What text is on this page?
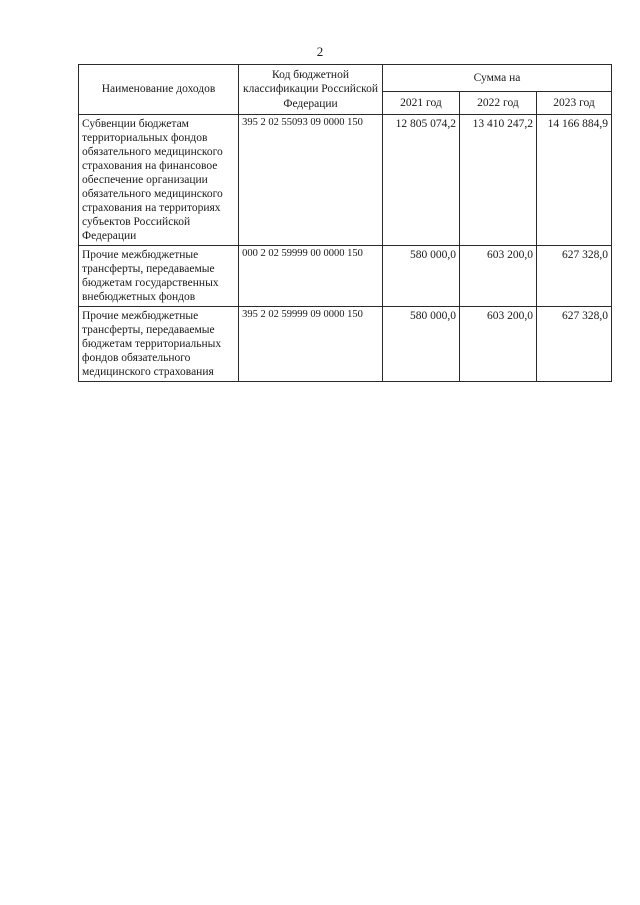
2
Наименование доходов	Код бюджетной классификации Российской Федерации	Сумма на		
		2021 год	2022 год	2023 год
Субвенции бюджетам территориальных фондов обязательного медицинского страхования на финансовое обеспечение организации обязательного медицинского страхования на территориях субъектов Российской Федерации	395 2 02 55093 09 0000 150	12 805 074,2	13 410 247,2	14 166 884,9
Прочие межбюджетные трансферты, передаваемые бюджетам государственных внебюджетных фондов	000 2 02 59999 00 0000 150	580 000,0	603 200,0	627 328,0
Прочие межбюджетные трансферты, передаваемые бюджетам территориальных фондов обязательного медицинского страхования	395 2 02 59999 09 0000 150	580 000,0	603 200,0	627 328,0
